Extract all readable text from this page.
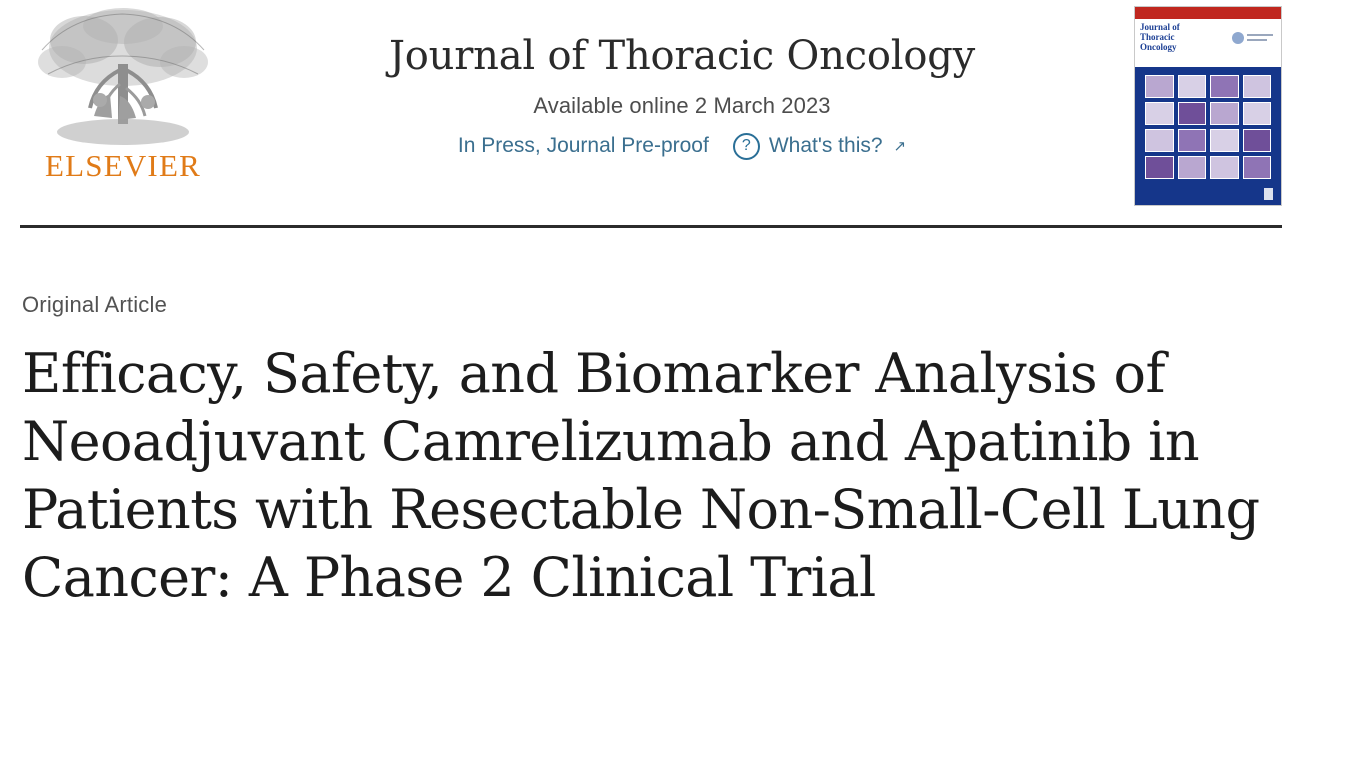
ELSEVIER
Journal of Thoracic Oncology
Available online 2 March 2023
In Press, Journal Pre-proof	? What's this? ↗
Journal of
Thoracic
Oncology
Original Article
Efficacy, Safety, and Biomarker Analysis of Neoadjuvant Camrelizumab and Apatinib in Patients with Resectable Non-Small-Cell Lung Cancer: A Phase 2 Clinical Trial
